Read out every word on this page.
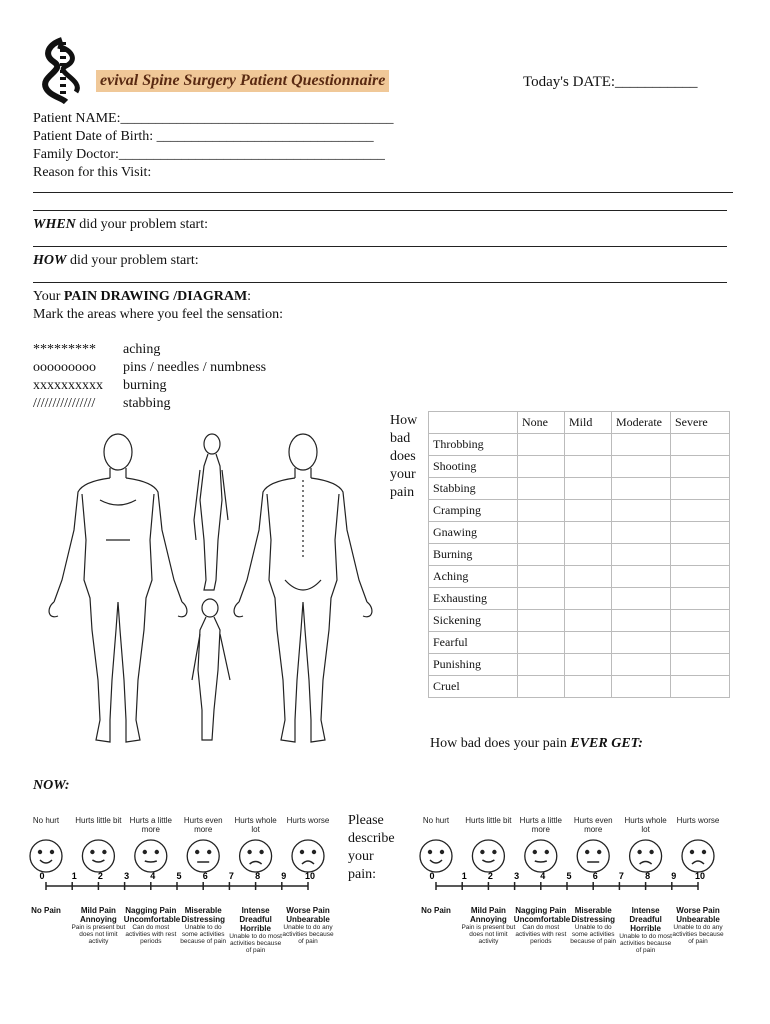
evival Spine Surgery Patient Questionnaire	Today's DATE:___________
Patient NAME:_______________________________________
Patient Date of Birth: _______________________________
Family Doctor:______________________________________
Reason for this Visit:
WHEN did your problem start:
HOW did your problem start:
Your PAIN DRAWING /DIAGRAM:
Mark the areas where you feel the sensation:
********* aching
ooooooooo pins / needles / numbness
xxxxxxxxxx burning
//////////////// stabbing
How
bad
does
your
pain
	None	Mild	Moderate	Severe
Throbbing				
Shooting				
Stabbing				
Cramping				
Gnawing				
Burning				
Aching				
Exhausting				
Sickening				
Fearful				
Punishing				
Cruel				
How bad does your pain EVER GET:
NOW:
Please
describe
your
pain:
No hurt	Hurts little bit	Hurts a little more
Hurts even more
Hurts whole lot
Hurts worse
0	1 2 3 4 5 6 7 8 9 10
No Pain	Mild Pain
Annoying
Pain is present but does not limit activity
Nagging Pain
Uncomfortable
Can do most activities with rest periods
Miserable Distressing
Unable to do some activities because of pain
Intense Dreadful Horrible
Unable to do most activities because of pain
Worse Pain Unbearable
Unable to do any activities because of pain
No hurt	Hurts little bit	Hurts a little more
Hurts even more
Hurts whole lot
Hurts worse
0	1 2 3 4 5 6 7 8 9 10
No Pain	Mild Pain
Annoying
Pain is present but does not limit activity
Nagging Pain
Uncomfortable
Can do most activities with rest periods
Miserable Distressing
Unable to do some activities because of pain
Intense Dreadful Horrible
Unable to do most activities because of pain
Worse Pain Unbearable
Unable to do any activities because of pain
